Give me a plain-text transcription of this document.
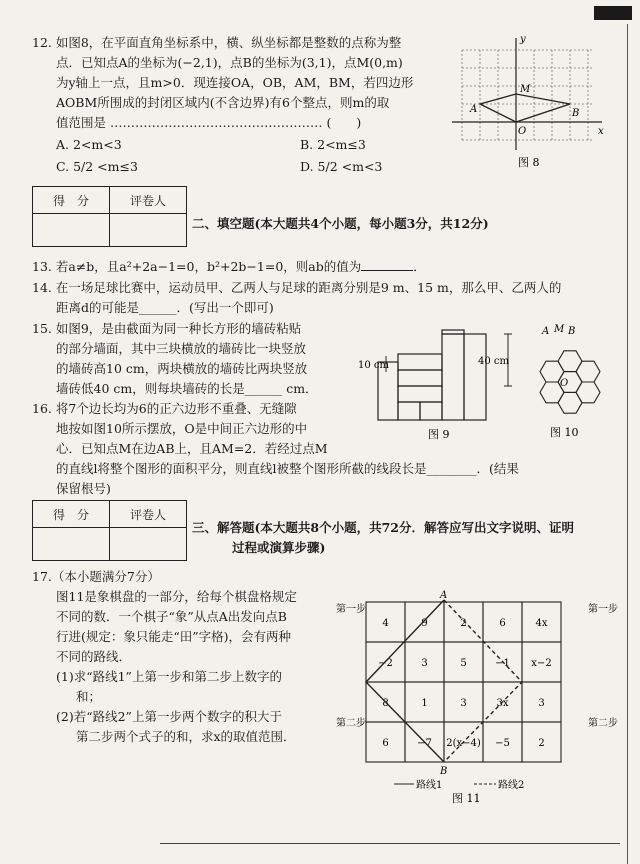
12. 如图8，在平面直角坐标系中，横、纵坐标都是整数的点称为整
点．已知点A的坐标为(−2,1)，点B的坐标为(3,1)，点M(0,m)
为y轴上一点，且m>0．现连接OA，OB，AM，BM，若四边形
AOBM所围成的封闭区域内(不含边界)有6个整点，则m的取
值范围是 …………………………………………… (　　)
A. 2<m<3	B. 2<m≤3
C. 5/2 <m≤3	D. 5/2 <m<3
y
x
M
A	B
O
图 8
得　分	评卷人

二、填空题(本大题共4个小题，每小题3分，共12分)
13. 若a≠b，且a²+2a−1=0，b²+2b−1=0，则ab的值为	．
14. 在一场足球比赛中，运动员甲、乙两人与足球的距离分别是9 m、15 m，那么甲、乙两人的
距离d的可能是______．(写出一个即可)
15. 如图9，是由截面为同一种长方形的墙砖粘贴
的部分墙面，其中三块横放的墙砖比一块竖放
的墙砖高10 cm，两块横放的墙砖比两块竖放
墙砖低40 cm，则每块墙砖的长是______ cm．
16. 将7个边长均为6的正六边形不重叠、无缝隙
地按如图10所示摆放，O是中间正六边形的中
心．已知点M在边AB上，且AM=2．若经过点M
的直线l将整个图形的面积平分，则直线l被整个图形所截的线段长是________．(结果
保留根号)
40 cm
10 cm
图 9
A M B
O
图 10
得　分	评卷人

三、解答题(本大题共8个小题，共72分．解答应写出文字说明、证明
过程或演算步骤)
17.（本小题满分7分）
图11是象棋盘的一部分，给每个棋盘格规定
不同的数．一个棋子“象”从点A出发向点B
行进(规定：象只能走“田”字格)，会有两种
不同的路线．
(1)求“路线1”上第一步和第二步上数字的
和；
(2)若“路线2”上第一步两个数字的积大于
第二步两个式子的和，求x的取值范围．
4	9	2	6	4x
−2	3	5	−1 x−2
8	1	3	3x	3
6	−7 2(x−4) −5	2
A
B
第一步	第一步
第二步	第二步
路线1	路线2
图 11
